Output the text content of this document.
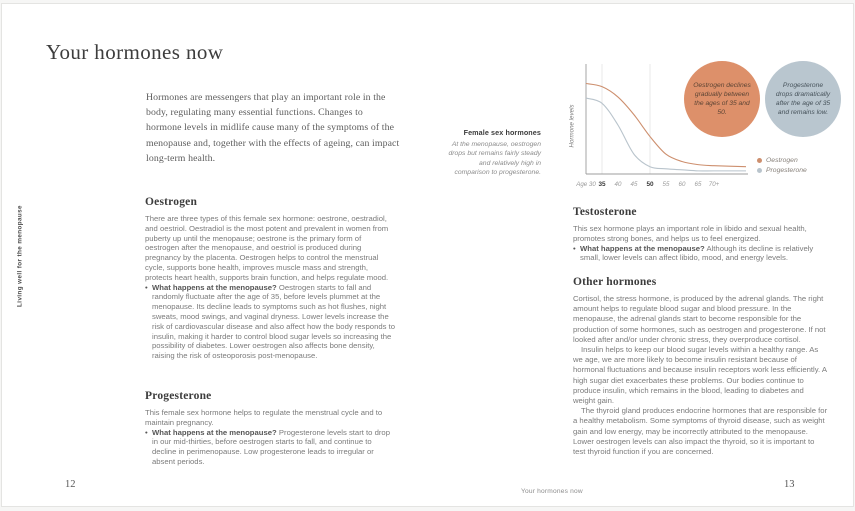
Living well for the menopause
Your hormones now

Hormones are messengers that play an important role in the body, regulating many essential functions. Changes to hormone levels in midlife cause many of the symptoms of the menopause and, together with the effects of ageing, can impact long-term health.

Oestrogen

There are three types of this female sex hormone: oestrone, oestradiol, and oestriol. Oestradiol is the most potent and prevalent in women from puberty up until the menopause; oestrone is the primary form of oestrogen after the menopause, and oestriol is produced during pregnancy by the placenta. Oestrogen helps to control the menstrual cycle, supports bone health, improves muscle mass and strength, protects heart health, supports brain function, and helps regulate mood.

• What happens at the menopause? Oestrogen starts to fall and randomly fluctuate after the age of 35, before levels plummet at the menopause. Its decline leads to symptoms such as hot flushes, night sweats, mood swings, and vaginal dryness. Lower levels increase the risk of cardiovascular disease and also affect how the body responds to insulin, making it harder to control blood sugar levels so increasing the possibility of diabetes. Lower oestrogen also affects bone density, raising the risk of osteoporosis post-menopause.

Progesterone

This female sex hormone helps to regulate the menstrual cycle and to maintain pregnancy.

• What happens at the menopause? Progesterone levels start to drop in our mid-thirties, before oestrogen starts to fall, and continue to decline in perimenopause. Low progesterone leads to irregular or absent periods.

12
Hormone levels
Age 30 35 40 45 50 55 60 65 70+
Female sex hormones

At the menopause, oestrogen drops but remains fairly steady and relatively high in comparison to progesterone.

Oestrogen declines gradually between the ages of 35 and 50.
Progesterone drops dramatically after the age of 35 and remains low.
Oestrogen
Progesterone
Testosterone

This sex hormone plays an important role in libido and sexual health, promotes strong bones, and helps us to feel energized.

• What happens at the menopause? Although its decline is relatively small, lower levels can affect libido, mood, and energy levels.

Other hormones

Cortisol, the stress hormone, is produced by the adrenal glands. The right amount helps to regulate blood sugar and blood pressure. In the menopause, the adrenal glands start to become responsible for the production of some hormones, such as oestrogen and progesterone. If not looked after and/or under chronic stress, they overproduce cortisol.

Insulin helps to keep our blood sugar levels within a healthy range. As we age, we are more likely to become insulin resistant because of hormonal fluctuations and because insulin receptors work less efficiently. A high sugar diet exacerbates these problems. Our bodies continue to produce insulin, which remains in the blood, leading to diabetes and weight gain.

The thyroid gland produces endocrine hormones that are responsible for a healthy metabolism. Some symptoms of thyroid disease, such as weight gain and low energy, may be incorrectly attributed to the menopause. Lower oestrogen levels can also impact the thyroid, so it is important to test thyroid function if you are concerned.

Your hormones now
13
